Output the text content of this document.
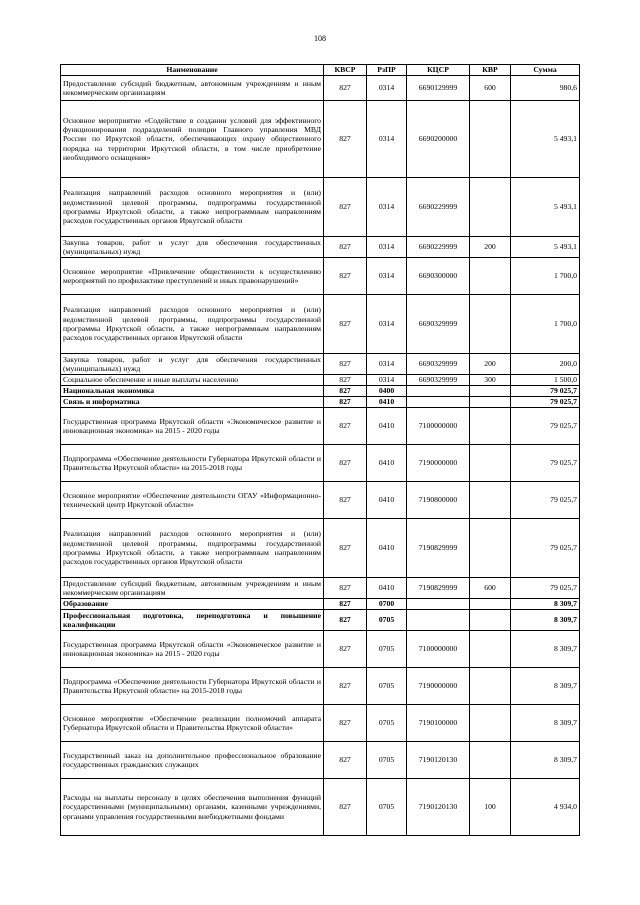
108
Наименование	КВСР	РзПР	КЦСР	КВР	Сумма
Предоставление субсидий бюджетным, автономным учреждениям и иным некоммерческим организациям	827	0314	6690129999	600	980,6
Основное мероприятие «Содействие в создании условий для эффективного функционирования подразделений полиции Главного управления МВД России по Иркутской области, обеспечивающих охрану общественного порядка на территории Иркутской области, в том числе приобретение необходимого оснащения»	827	0314	6690200000		5 493,1
Реализация направлений расходов основного мероприятия и (или) ведомственной целевой программы, подпрограммы государственной программы Иркутской области, а также непрограммным направлениям расходов государственных органов Иркутской области	827	0314	6690229999		5 493,1
Закупка товаров, работ и услуг для обеспечения государственных (муниципальных) нужд	827	0314	6690229999	200	5 493,1
Основное мероприятие «Привлечение общественности к осуществлению мероприятий по профилактике преступлений и иных правонарушений»	827	0314	6690300000		1 700,0
Реализация направлений расходов основного мероприятия и (или) ведомственной целевой программы, подпрограммы государственной программы Иркутской области, а также непрограммным направлениям расходов государственных органов Иркутской области	827	0314	6690329999		1 700,0
Закупка товаров, работ и услуг для обеспечения государственных (муниципальных) нужд	827	0314	6690329999	200	200,0
Социальное обеспечение и иные выплаты населению	827	0314	6690329999	300	1 500,0
Национальная экономика	827	0400			79 025,7
Связь и информатика	827	0410			79 025,7
Государственная программа Иркутской области «Экономическое развитие и инновационная экономика» на 2015 - 2020 годы	827	0410	7100000000		79 025,7
Подпрограмма «Обеспечение деятельности Губернатора Иркутской области и Правительства Иркутской области» на 2015-2018 годы	827	0410	7190000000		79 025,7
Основное мероприятие «Обеспечение деятельности ОГАУ «Информационно-технический центр Иркутской области»	827	0410	7190800000		79 025,7
Реализация направлений расходов основного мероприятия и (или) ведомственной целевой программы, подпрограммы государственной программы Иркутской области, а также непрограммным направлениям расходов государственных органов Иркутской области	827	0410	7190829999		79 025,7
Предоставление субсидий бюджетным, автономным учреждениям и иным некоммерческим организациям	827	0410	7190829999	600	79 025,7
Образование	827	0700			8 309,7
Профессиональная подготовка, переподготовка и повышение квалификации	827	0705			8 309,7
Государственная программа Иркутской области «Экономическое развитие и инновационная экономика» на 2015 - 2020 годы	827	0705	7100000000		8 309,7
Подпрограмма «Обеспечение деятельности Губернатора Иркутской области и Правительства Иркутской области» на 2015-2018 годы	827	0705	7190000000		8 309,7
Основное мероприятие «Обеспечение реализации полномочий аппарата Губернатора Иркутской области и Правительства Иркутской области»	827	0705	7190100000		8 309,7
Государственный заказ на дополнительное профессиональное образование государственных гражданских служащих	827	0705	7190120130		8 309,7
Расходы на выплаты персоналу в целях обеспечения выполнения функций государственными (муниципальными) органами, казенными учреждениями, органами управления государственными внебюджетными фондами	827	0705	7190120130	100	4 934,0
